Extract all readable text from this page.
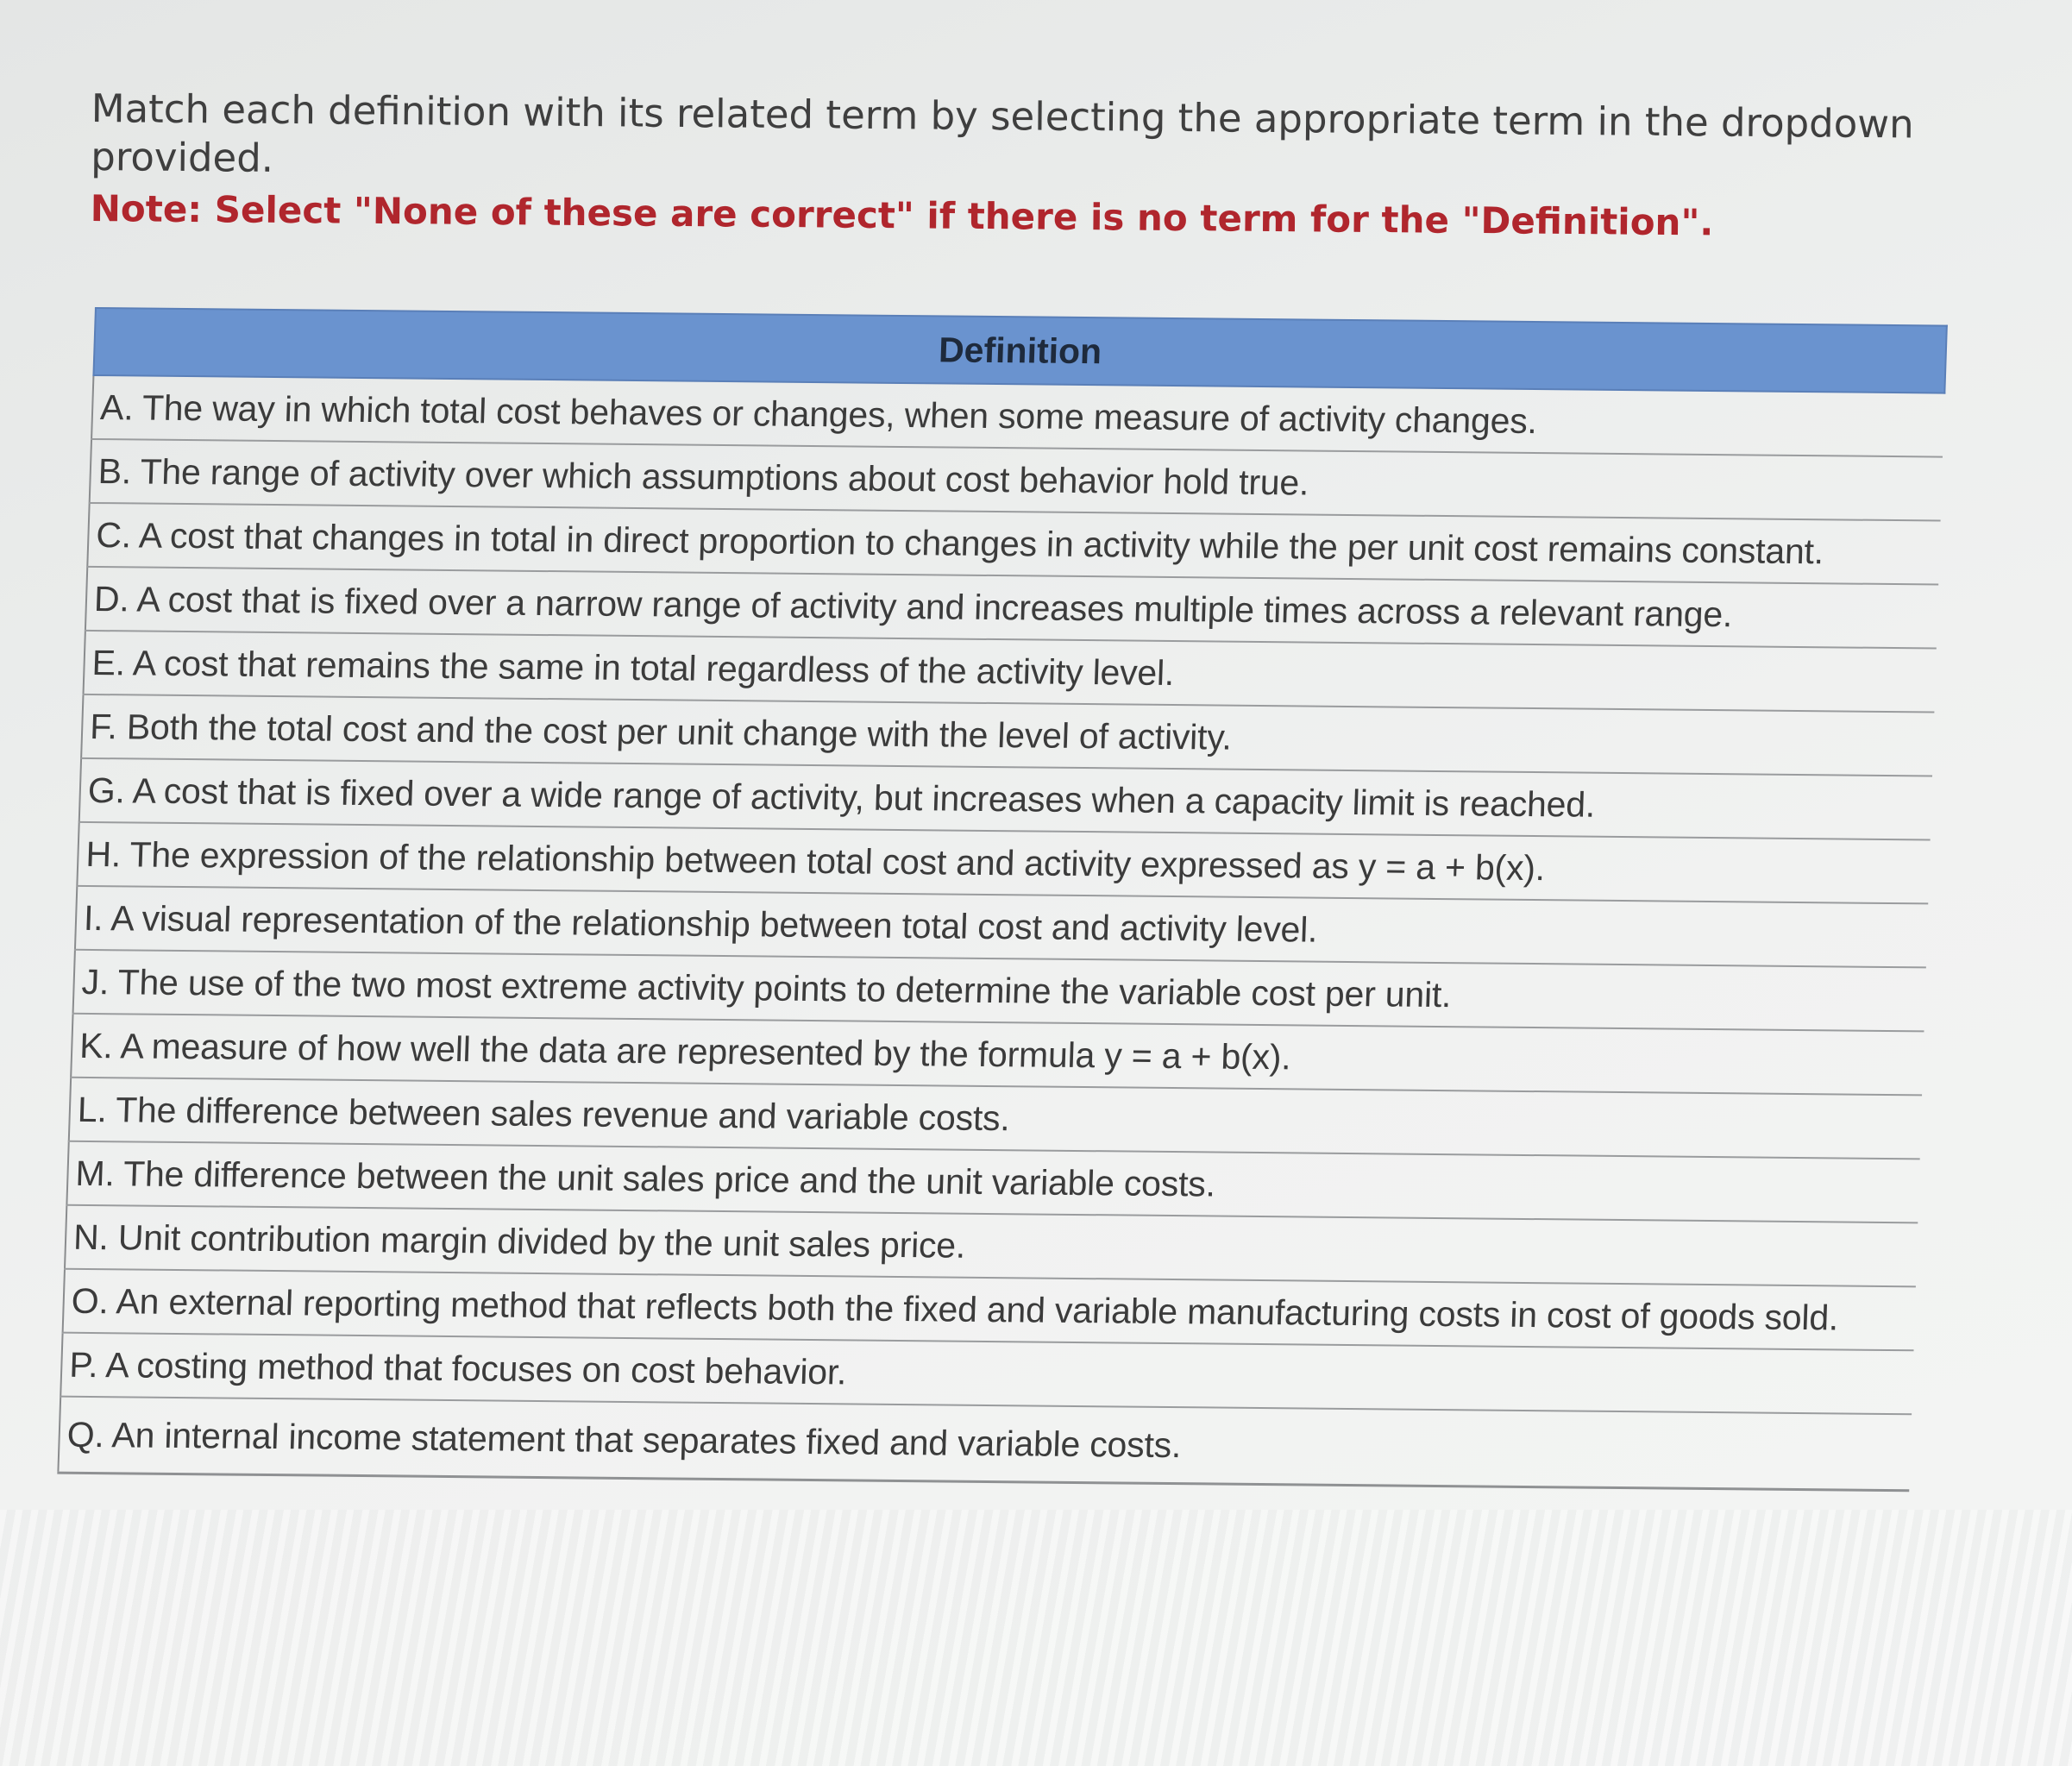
Match each definition with its related term by selecting the appropriate term in the dropdown provided.

Note: Select "None of these are correct" if there is no term for the "Definition".

Definition
A. The way in which total cost behaves or changes, when some measure of activity changes.
B. The range of activity over which assumptions about cost behavior hold true.
C. A cost that changes in total in direct proportion to changes in activity while the per unit cost remains constant.
D. A cost that is fixed over a narrow range of activity and increases multiple times across a relevant range.
E. A cost that remains the same in total regardless of the activity level.
F. Both the total cost and the cost per unit change with the level of activity.
G. A cost that is fixed over a wide range of activity, but increases when a capacity limit is reached.
H. The expression of the relationship between total cost and activity expressed as y = a + b(x).
I. A visual representation of the relationship between total cost and activity level.
J. The use of the two most extreme activity points to determine the variable cost per unit.
K. A measure of how well the data are represented by the formula y = a + b(x).
L. The difference between sales revenue and variable costs.
M. The difference between the unit sales price and the unit variable costs.
N. Unit contribution margin divided by the unit sales price.
O. An external reporting method that reflects both the fixed and variable manufacturing costs in cost of goods sold.
P. A costing method that focuses on cost behavior.
Q. An internal income statement that separates fixed and variable costs.
